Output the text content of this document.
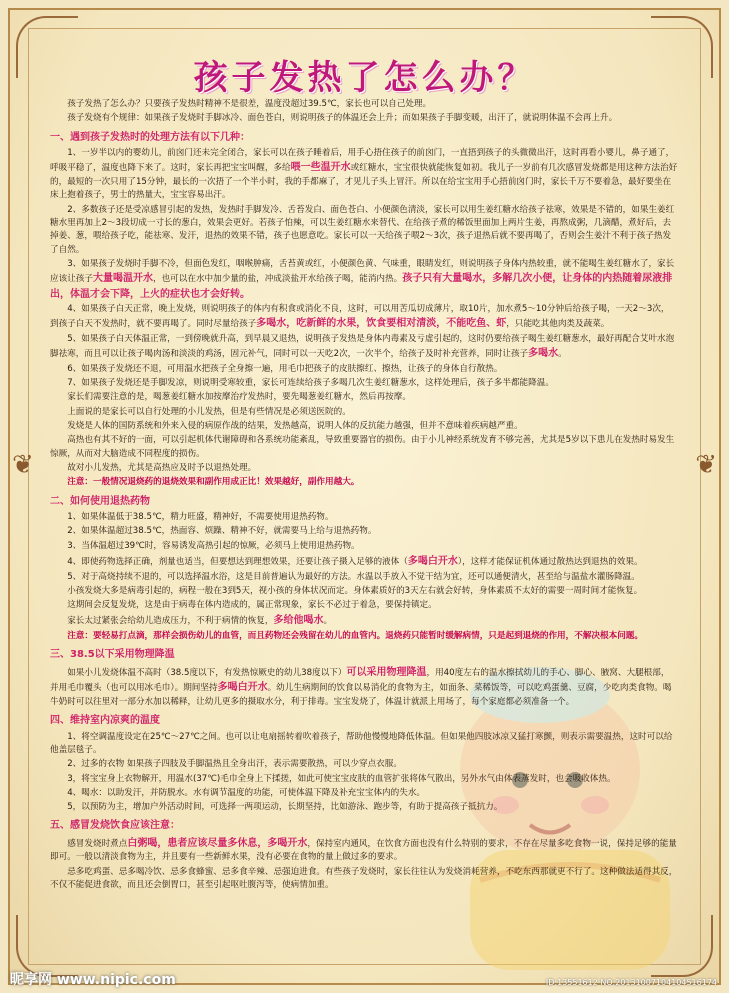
❦	❦
孩子发热了怎么办？

孩子发热了怎么办？只要孩子发热时精神不是很差，温度没超过39.5℃，家长也可以自己处理。

孩子发烧有个规律：如果孩子发烧时手脚冰冷、面色苍白，则说明孩子的体温还会上升；而如果孩子手脚变暖，出汗了，就说明体温不会再上升。

一、遇到孩子发热时的处理方法有以下几种：

1、一岁半以内的婴幼儿，前囟门还未完全闭合，家长可以在孩子睡着后，用手心捂住孩子的前囟门，一直捂到孩子的头微微出汗，这时再看小婴儿，鼻子通了，呼吸平稳了，温度也降下来了。这时，家长再把宝宝叫醒，多给喂一些温开水或红糖水，宝宝很快就能恢复如初。我儿子一岁前有几次感冒发烧都是用这种方法治好的，最短的一次只用了15分钟，最长的一次捂了一个半小时，我的手都麻了，才见儿子头上冒汗。所以在给宝宝用手心捂前囟门时，家长千万不要着急，最好要坐在床上抱着孩子，男士的热量大，宝宝容易出汗。

2、多数孩子还是受凉感冒引起的发热，发热时手脚发冷、舌苔发白、面色苍白、小便颜色清淡，家长可以用生姜红糖水给孩子祛寒，效果是不错的，如果生姜红糖水里再加上2～3段切成一寸长的葱白，效果会更好。若孩子怕辣，可以生姜红糖水来替代、在给孩子煮的稀饭里面加上两片生姜，再熬成粥，几滴醋，煮好后，去掉姜、葱，喂给孩子吃，能祛寒、发汗，退热的效果不错，孩子也愿意吃。家长可以一天给孩子喂2～3次，孩子退热后就不要再喝了，否则会生姜汁不利于孩子热发了自然。

3、如果孩子发烧时手脚不冷，但面色发红，咽喉肿痛，舌苔黄或红，小便颜色黄、气味重，眼睛发红，则说明孩子身体内热较重，就不能喝生姜红糖水了，家长应该让孩子大量喝温开水，也可以在水中加少量的盐，冲成淡盐开水给孩子喝，能消内热。孩子只有大量喝水，多解几次小便，让身体的内热随着尿液排出，体温才会下降，上火的症状也才会好转。

4、如果孩子白天正常，晚上发烧，则说明孩子的体内有积食或消化不良，这时，可以用苦瓜切成薄片，取10片，加水煮5～10分钟后给孩子喝，一天2～3次，到孩子白天不发热时，就不要再喝了。同时尽量给孩子多喝水，吃新鲜的水果，饮食要相对清淡，不能吃鱼、虾，只能吃其他肉类及蔬菜。

5、如果孩子白天体温正常，一到傍晚就升高，到早晨又退热，说明孩子发热是身体内毒素及亏虚引起的，这时仍要给孩子喝生姜红糖葱水，最好再配合艾叶水泡脚祛寒，而且可以让孩子喝肉汤和淡淡的鸡汤，固元补气，同时可以一天吃2次，一次半个，给孩子及时补充营养，同时让孩子多喝水。

6、如果孩子发烧还不退，可用温水把孩子全身擦一遍，用毛巾把孩子的皮肤擦红、擦热，让孩子的身体自行散热。

7、如果孩子发烧还是手脚发凉，则说明受寒较重，家长可连续给孩子多喝几次生姜红糖葱水，这样处理后，孩子多半都能降温。

家长们需要注意的是，喝葱姜红糖水加按摩治疗发热时，要先喝葱姜红糖水，然后再按摩。

上面说的是家长可以自行处理的小儿发热，但是有些情况是必须送医院的。

发烧是人体的国防系统和外来入侵的病原作战的结果，发热越高，说明人体的反抗能力越强，但并不意味着疾病越严重。

高热也有其不好的一面，可以引起机体代谢障碍和各系统功能紊乱，导致重要器官的损伤。由于小儿神经系统发育不够完善，尤其是5岁以下患儿在发热时易发生惊厥，从而对大脑造成不同程度的损伤。

故对小儿发热，尤其是高热应及时予以退热处理。

注意：一般情况退烧药的退烧效果和副作用成正比！效果越好，副作用越大。

二、如何使用退热药物

1、如果体温低于38.5℃，精力旺盛，精神好，不需要使用退热药物。

2、如果体温超过38.5℃，热面容、烦躁、精神不好，就需要马上给与退热药物。

3、当体温超过39℃时，容易诱发高热引起的惊厥，必须马上使用退热药物。

4、即使药物选择正确，剂量也适当，但要想达到理想效果，还要让孩子摄入足够的液体（多喝白开水），这样才能保证机体通过散热达到退热的效果。

5、对于高烧持续不退的，可以选择温水浴，这是目前普遍认为最好的方法。水温以手放入不觉干结为宜，还可以通便清火，甚至给与温盐水灌肠降温。

小孩发烧大多是病毒引起的，病程一般在3到5天，视小孩的身体状况而定。身体素质好的3天左右就会好转，身体素质不太好的需要一周时间才能恢复。

这期间会反复发烧，这是由于病毒在体内造成的，属正常现象，家长不必过于着急，要保持镇定。

家长太过紧张会给幼儿造成压力，不利于病情的恢复，多给他喝水。

注意：要轻易打点滴，那样会损伤幼儿的血管，而且药物还会残留在幼儿的血管内。退烧药只能暂时缓解病情，只是起到退烧的作用，不解决根本问题。

三、38.5以下采用物理降温

如果小儿发烧体温不高时（38.5度以下，有发热惊厥史的幼儿38度以下）可以采用物理降温，用40度左右的温水擦拭幼儿的手心、脚心、腋窝、大腿根部，并用毛巾覆头（也可以用冰毛巾）。期间坚持多喝白开水。幼儿生病期间的饮食以易消化的食物为主，如面条、菜稀饭等，可以吃鸡蛋羹、豆腐，少吃肉类食物。喝牛奶时可以往里对一部分水加以稀释，让幼儿更多的摄取水分，利于排毒。宝宝发烧了，体温计就派上用场了，每个家庭都必须准备一个。

四、维持室内凉爽的温度

1、将空调温度设定在25℃～27℃之间。也可以让电扇摇转着吹着孩子，帮助他慢慢地降低体温。但如果他四肢冰凉又猛打寒颤，则表示需要温热，这时可以给他盖层毯子。

2、过多的衣物 如果孩子四肢及手脚温热且全身出汗，表示需要散热，可以少穿点衣服。

3，将宝宝身上衣物解开，用温水(37℃)毛巾全身上下揉搓，如此可使宝宝皮肤的血管扩张将体气散出，另外水气由体表蒸发时，也会吸收体热。

4、喝水：以助发汗，并防脱水。水有调节温度的功能，可使体温下降及补充宝宝体内的失水。

5，以预防为主，增加户外活动时间，可选择一两项运动，长期坚持，比如游泳、跑步等，有助于提高孩子抵抗力。

五、感冒发烧饮食应该注意：

感冒发烧时煮点白粥喝，患者应该尽量多休息，多喝开水，保持室内通风，在饮食方面也没有什么特别的要求，不存在尽量多吃食物一说，保持足够的能量即可。一般以清淡食物为主，并且要有一些新鲜水果，没有必要在食物的量上做过多的要求。

忌多吃鸡蛋、忌多喝冷饮、忌多食蜂蜜、忌多食辛辣、忌强迫进食。有些孩子发烧时，家长往往认为发烧消耗营养，不吃东西那就更不行了。这种做法适得其反，不仅不能促进食欲，而且还会倒胃口，甚至引起呕吐腹泻等，使病情加重。

昵享网 www.nipic.com	ID:13551612 NO:20131007104104516174
